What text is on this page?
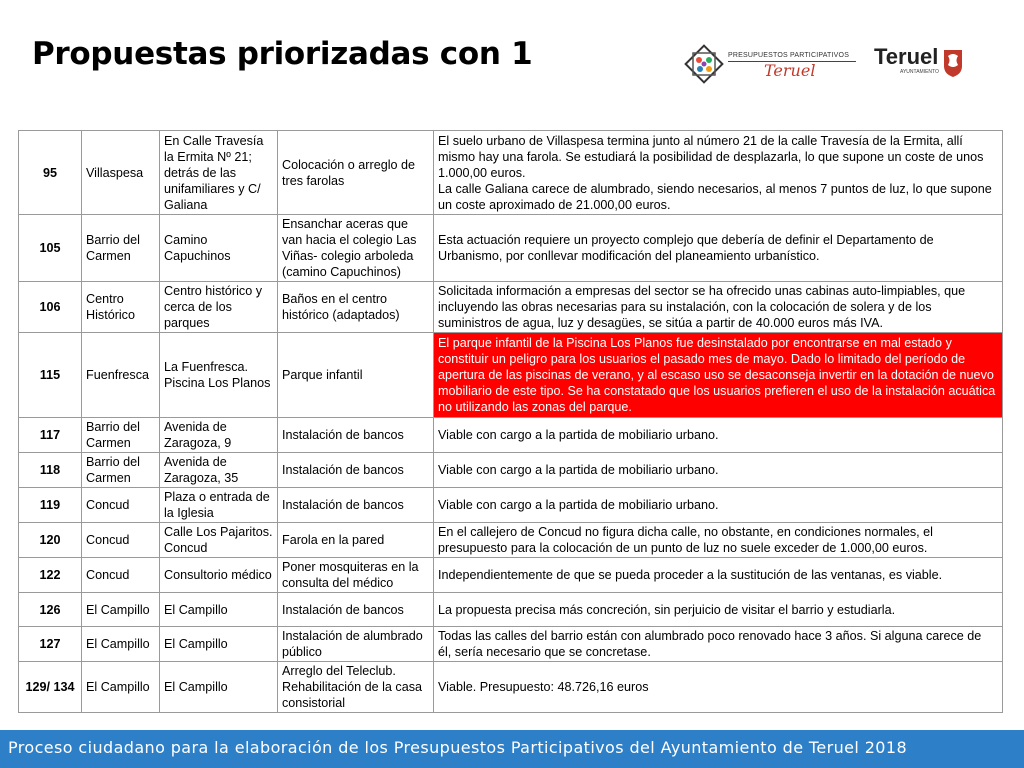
Propuestas priorizadas con 1	PRESUPUESTOS PARTICIPATIVOS
Teruel
Teruel
AYUNTAMIENTO
95	Villaspesa	En Calle Travesía la Ermita Nº 21; detrás de las unifamiliares y C/ Galiana	Colocación o arreglo de tres farolas	El suelo urbano de Villaspesa termina junto al número 21 de la calle Travesía de la Ermita, allí mismo hay una farola. Se estudiará la posibilidad de desplazarla, lo que supone un coste de unos 1.000,00 euros.
La calle Galiana carece de alumbrado, siendo necesarios, al menos 7 puntos de luz, lo que supone un coste aproximado de 21.000,00 euros.
105	Barrio del Carmen	Camino Capuchinos	Ensanchar aceras que van hacia el colegio Las Viñas- colegio arboleda (camino Capuchinos)	Esta actuación requiere un proyecto complejo que debería de definir el Departamento de Urbanismo, por conllevar modificación del planeamiento urbanístico.
106	Centro Histórico	Centro histórico y cerca de los parques	Baños en el centro histórico (adaptados)	Solicitada información a empresas del sector se ha ofrecido unas cabinas auto-limpiables, que incluyendo las obras necesarias para su instalación, con la colocación de solera y de los suministros de agua, luz y desagües, se sitúa a partir de 40.000 euros más IVA.
115	Fuenfresca	La Fuenfresca. Piscina Los Planos	Parque infantil	El parque infantil de la Piscina Los Planos fue desinstalado por encontrarse en mal estado y constituir un peligro para los usuarios el pasado mes de mayo. Dado lo limitado del período de apertura de las piscinas de verano, y al escaso uso se desaconseja invertir en la dotación de nuevo mobiliario de este tipo. Se ha constatado que los usuarios prefieren el uso de la instalación acuática no utilizando las zonas del parque.
117	Barrio del Carmen	Avenida de Zaragoza, 9	Instalación de bancos	Viable con cargo a la partida de mobiliario urbano.
118	Barrio del Carmen	Avenida de Zaragoza, 35	Instalación de bancos	Viable con cargo a la partida de mobiliario urbano.
119	Concud	Plaza o entrada de la Iglesia	Instalación de bancos	Viable con cargo a la partida de mobiliario urbano.
120	Concud	Calle Los Pajaritos. Concud	Farola en la pared	En el callejero de Concud no figura dicha calle, no obstante, en condiciones normales, el presupuesto para la colocación de un punto de luz no suele exceder de 1.000,00 euros.
122	Concud	Consultorio médico	Poner mosquiteras en la consulta del médico	Independientemente de que se pueda proceder a la sustitución de las ventanas, es viable.
126	El Campillo	El Campillo	Instalación de bancos	La propuesta precisa más concreción, sin perjuicio de visitar el barrio y estudiarla.
127	El Campillo	El Campillo	Instalación de alumbrado público	Todas las calles del barrio están con alumbrado poco renovado hace 3 años. Si alguna carece de él, sería necesario que se concretase.
129/ 134	El Campillo	El Campillo	Arreglo del Teleclub. Rehabilitación de la casa consistorial	Viable. Presupuesto: 48.726,16 euros
Proceso ciudadano para la elaboración de los Presupuestos Participativos del Ayuntamiento de Teruel 2018
